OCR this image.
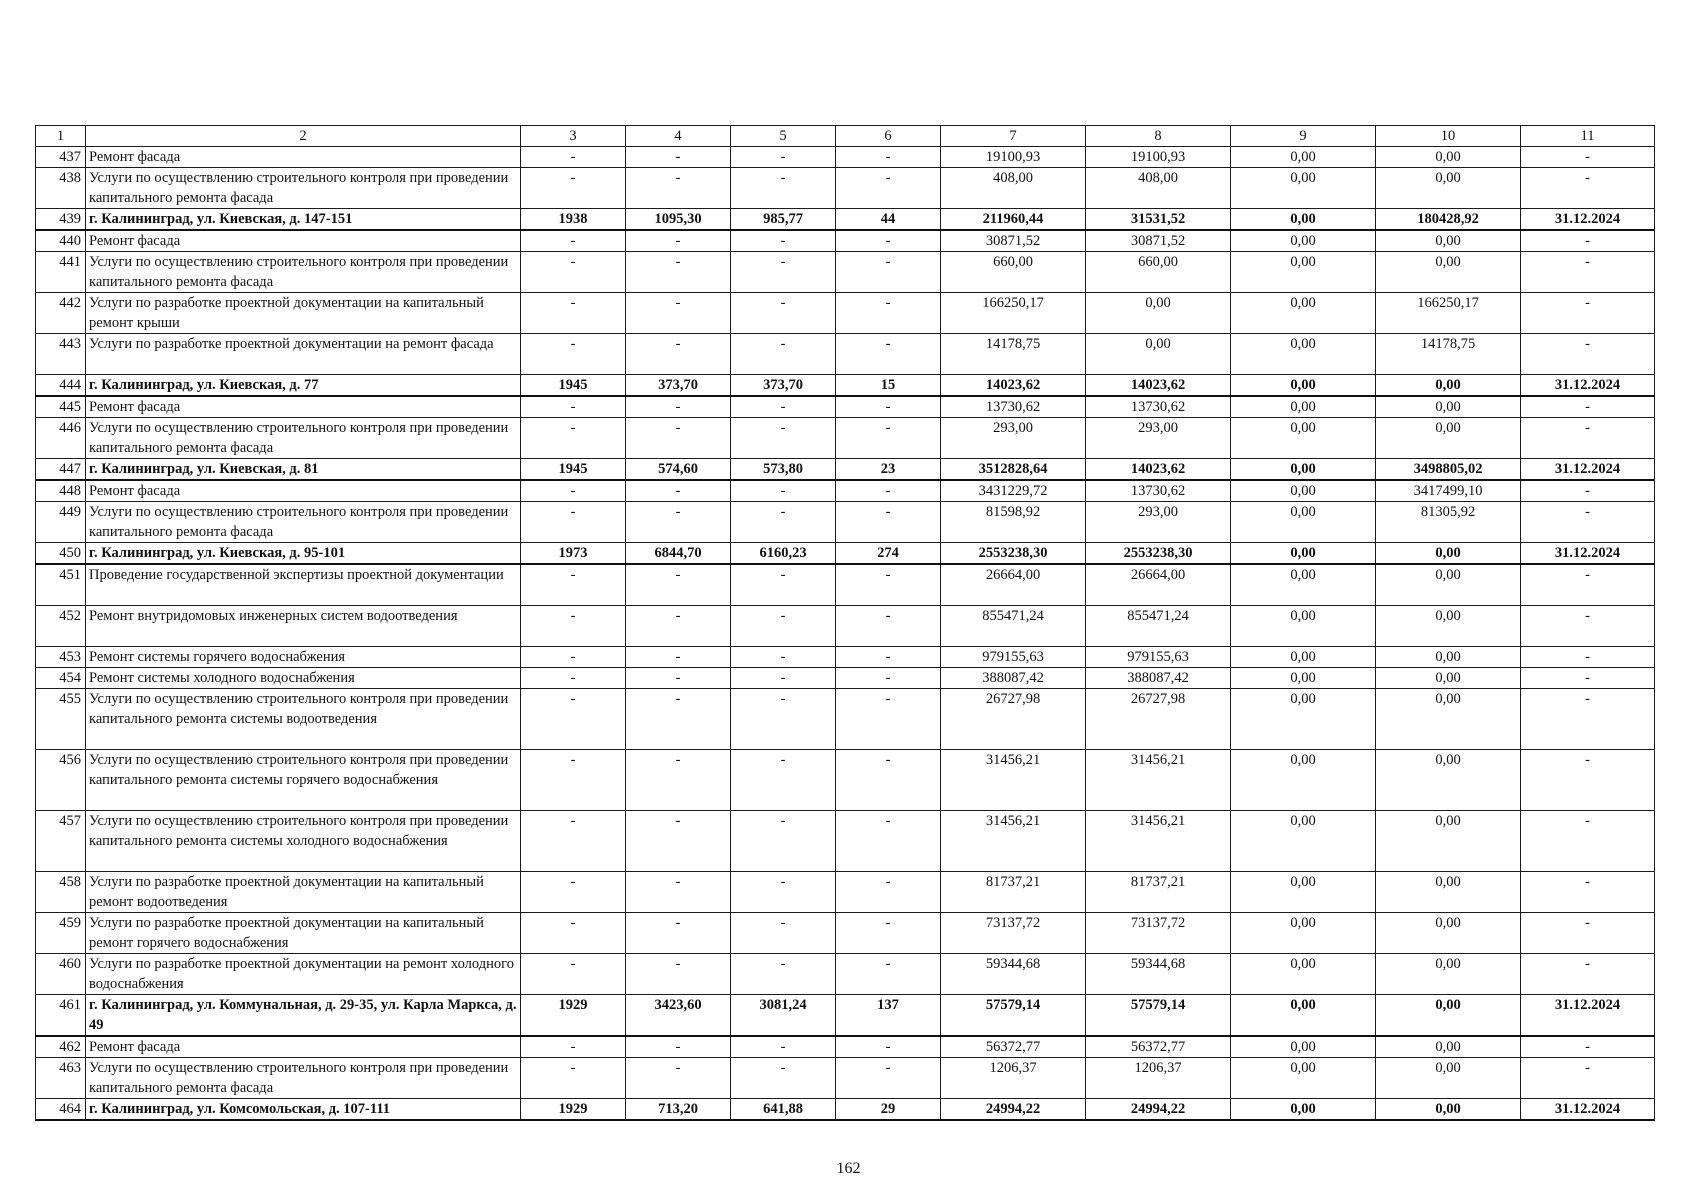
1	2	3	4	5	6	7	8	9	10	11
437	Ремонт фасада	-	-	-	-	19100,93	19100,93	0,00	0,00	-
438	Услуги по осуществлению строительного контроля при проведении капитального ремонта фасада	-	-	-	-	408,00	408,00	0,00	0,00	-
439	г. Калининград, ул. Киевская, д. 147-151	1938	1095,30	985,77	44	211960,44	31531,52	0,00	180428,92	31.12.2024
440	Ремонт фасада	-	-	-	-	30871,52	30871,52	0,00	0,00	-
441	Услуги по осуществлению строительного контроля при проведении капитального ремонта фасада	-	-	-	-	660,00	660,00	0,00	0,00	-
442	Услуги по разработке проектной документации на капитальный ремонт крыши	-	-	-	-	166250,17	0,00	0,00	166250,17	-
443	Услуги по разработке проектной документации на ремонт фасада	-	-	-	-	14178,75	0,00	0,00	14178,75	-
444	г. Калининград, ул. Киевская, д. 77	1945	373,70	373,70	15	14023,62	14023,62	0,00	0,00	31.12.2024
445	Ремонт фасада	-	-	-	-	13730,62	13730,62	0,00	0,00	-
446	Услуги по осуществлению строительного контроля при проведении капитального ремонта фасада	-	-	-	-	293,00	293,00	0,00	0,00	-
447	г. Калининград, ул. Киевская, д. 81	1945	574,60	573,80	23	3512828,64	14023,62	0,00	3498805,02	31.12.2024
448	Ремонт фасада	-	-	-	-	3431229,72	13730,62	0,00	3417499,10	-
449	Услуги по осуществлению строительного контроля при проведении капитального ремонта фасада	-	-	-	-	81598,92	293,00	0,00	81305,92	-
450	г. Калининград, ул. Киевская, д. 95-101	1973	6844,70	6160,23	274	2553238,30	2553238,30	0,00	0,00	31.12.2024
451	Проведение государственной экспертизы проектной документации	-	-	-	-	26664,00	26664,00	0,00	0,00	-
452	Ремонт внутридомовых инженерных систем водоотведения	-	-	-	-	855471,24	855471,24	0,00	0,00	-
453	Ремонт системы горячего водоснабжения	-	-	-	-	979155,63	979155,63	0,00	0,00	-
454	Ремонт системы холодного водоснабжения	-	-	-	-	388087,42	388087,42	0,00	0,00	-
455	Услуги по осуществлению строительного контроля при проведении капитального ремонта системы водоотведения	-	-	-	-	26727,98	26727,98	0,00	0,00	-
456	Услуги по осуществлению строительного контроля при проведении капитального ремонта системы горячего водоснабжения	-	-	-	-	31456,21	31456,21	0,00	0,00	-
457	Услуги по осуществлению строительного контроля при проведении капитального ремонта системы холодного водоснабжения	-	-	-	-	31456,21	31456,21	0,00	0,00	-
458	Услуги по разработке проектной документации на капитальный ремонт водоотведения	-	-	-	-	81737,21	81737,21	0,00	0,00	-
459	Услуги по разработке проектной документации на капитальный ремонт горячего водоснабжения	-	-	-	-	73137,72	73137,72	0,00	0,00	-
460	Услуги по разработке проектной документации на ремонт холодного водоснабжения	-	-	-	-	59344,68	59344,68	0,00	0,00	-
461	г. Калининград, ул. Коммунальная, д. 29-35, ул. Карла Маркса, д. 49	1929	3423,60	3081,24	137	57579,14	57579,14	0,00	0,00	31.12.2024
462	Ремонт фасада	-	-	-	-	56372,77	56372,77	0,00	0,00	-
463	Услуги по осуществлению строительного контроля при проведении капитального ремонта фасада	-	-	-	-	1206,37	1206,37	0,00	0,00	-
464	г. Калининград, ул. Комсомольская, д. 107-111	1929	713,20	641,88	29	24994,22	24994,22	0,00	0,00	31.12.2024
162
